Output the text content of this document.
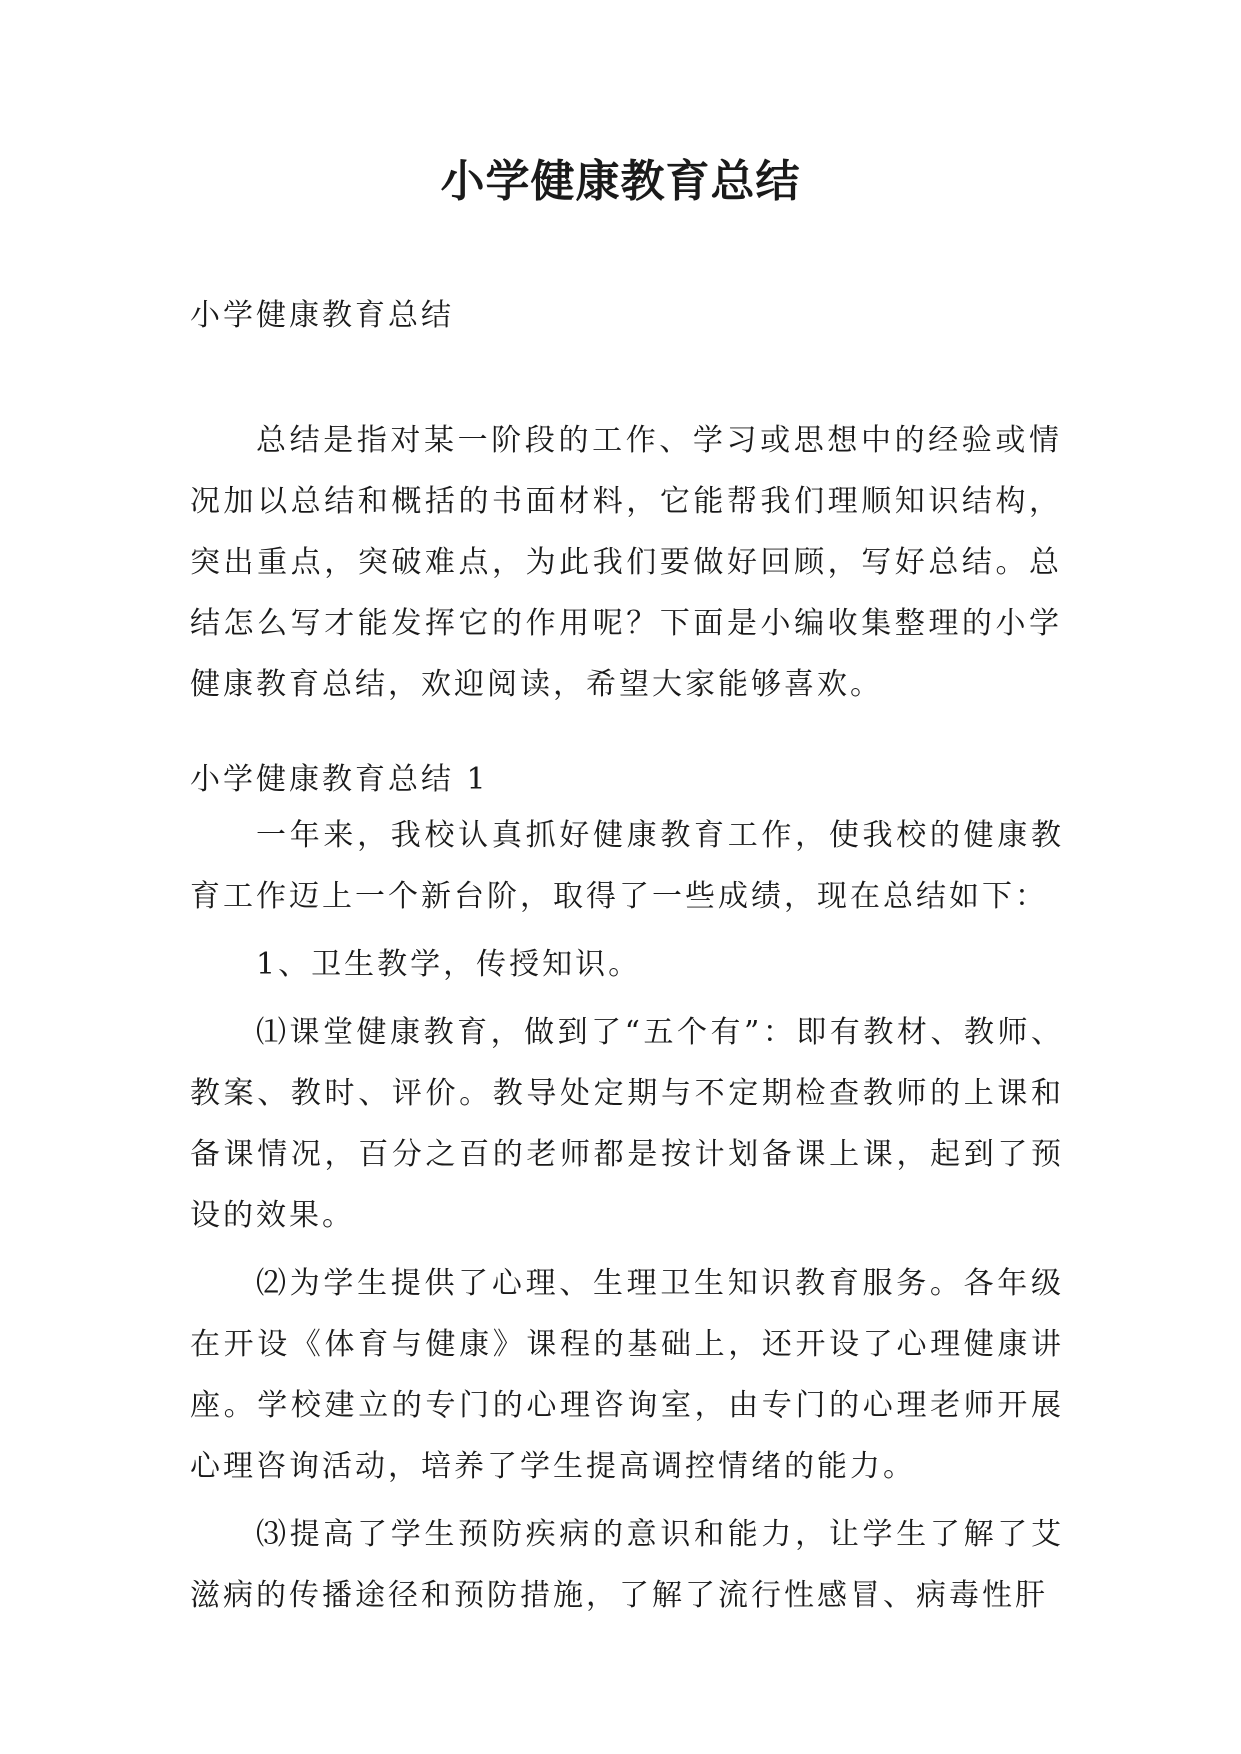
小学健康教育总结

小学健康教育总结

总结是指对某一阶段的工作、学习或思想中的经验或情况加以总结和概括的书面材料，它能帮我们理顺知识结构，突出重点，突破难点，为此我们要做好回顾，写好总结。总结怎么写才能发挥它的作用呢？下面是小编收集整理的小学健康教育总结，欢迎阅读，希望大家能够喜欢。

小学健康教育总结 1

一年来，我校认真抓好健康教育工作，使我校的健康教育工作迈上一个新台阶，取得了一些成绩，现在总结如下：

1、卫生教学，传授知识。

⑴课堂健康教育，做到了“五个有”：即有教材、教师、教案、教时、评价。教导处定期与不定期检查教师的上课和备课情况，百分之百的老师都是按计划备课上课，起到了预设的效果。

⑵为学生提供了心理、生理卫生知识教育服务。各年级在开设《体育与健康》课程的基础上，还开设了心理健康讲座。学校建立的专门的心理咨询室，由专门的心理老师开展心理咨询活动，培养了学生提高调控情绪的能力。

⑶提高了学生预防疾病的意识和能力，让学生了解了艾滋病的传播途径和预防措施，了解了流行性感冒、病毒性肝
